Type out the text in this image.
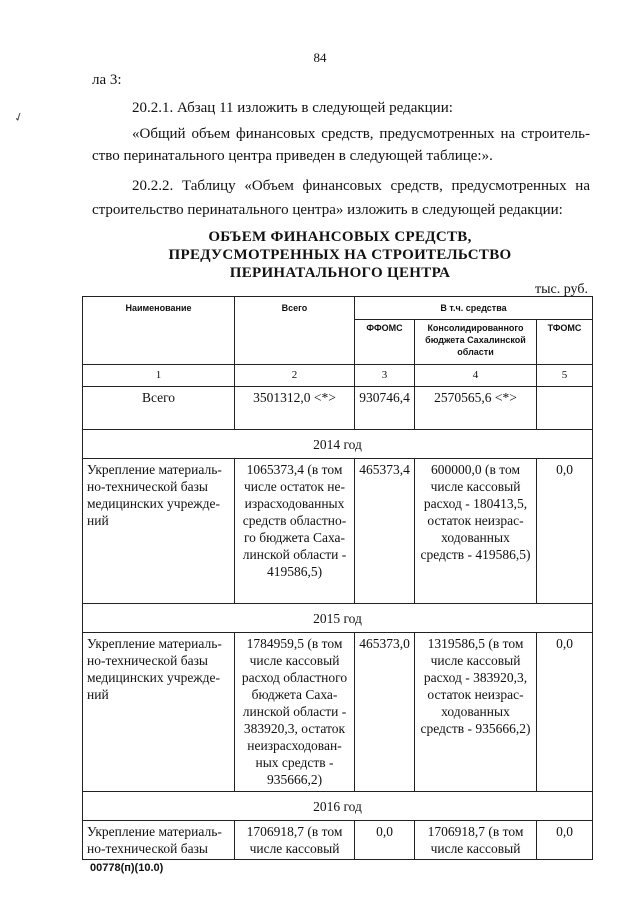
84
✓
ла 3:
20.2.1. Абзац 11 изложить в следующей редакции:
«Общий объем финансовых средств, предусмотренных на строитель-
ство перинатального центра приведен в следующей таблице:».
20.2.2. Таблицу «Объем финансовых средств, предусмотренных на
строительство перинатального центра» изложить в следующей редакции:
ОБЪЕМ ФИНАНСОВЫХ СРЕДСТВ,
ПРЕДУСМОТРЕННЫХ НА СТРОИТЕЛЬСТВО
ПЕРИНАТАЛЬНОГО ЦЕНТРА
тыс. руб.
Наименование	Всего	В т.ч. средства		
		ФФОМС	Консолидированного бюджета Сахалинской области	ТФОМС
1	2	3	4	5
Всего	3501312,0 <*>	930746,4	2570565,6 <*>	
2014 год				
Укрепление материаль-но-технической базы медицинских учрежде-ний	1065373,4 (в том числе остаток не-израсходованных средств областно-го бюджета Саха-линской области - 419586,5)	465373,4	600000,0 (в том числе кассовый расход - 180413,5, остаток неизрас-ходованных средств - 419586,5)	0,0
2015 год				
Укрепление материаль-но-технической базы медицинских учрежде-ний	1784959,5 (в том числе кассовый расход областного бюджета Саха-линской области - 383920,3, остаток неизрасходован-ных средств - 935666,2)	465373,0	1319586,5 (в том числе кассовый расход - 383920,3, остаток неизрас-ходованных средств - 935666,2)	0,0
2016 год				
Укрепление материаль-но-технической базы	1706918,7 (в том числе кассовый	0,0	1706918,7 (в том числе кассовый	0,0
00778(п)(10.0)
